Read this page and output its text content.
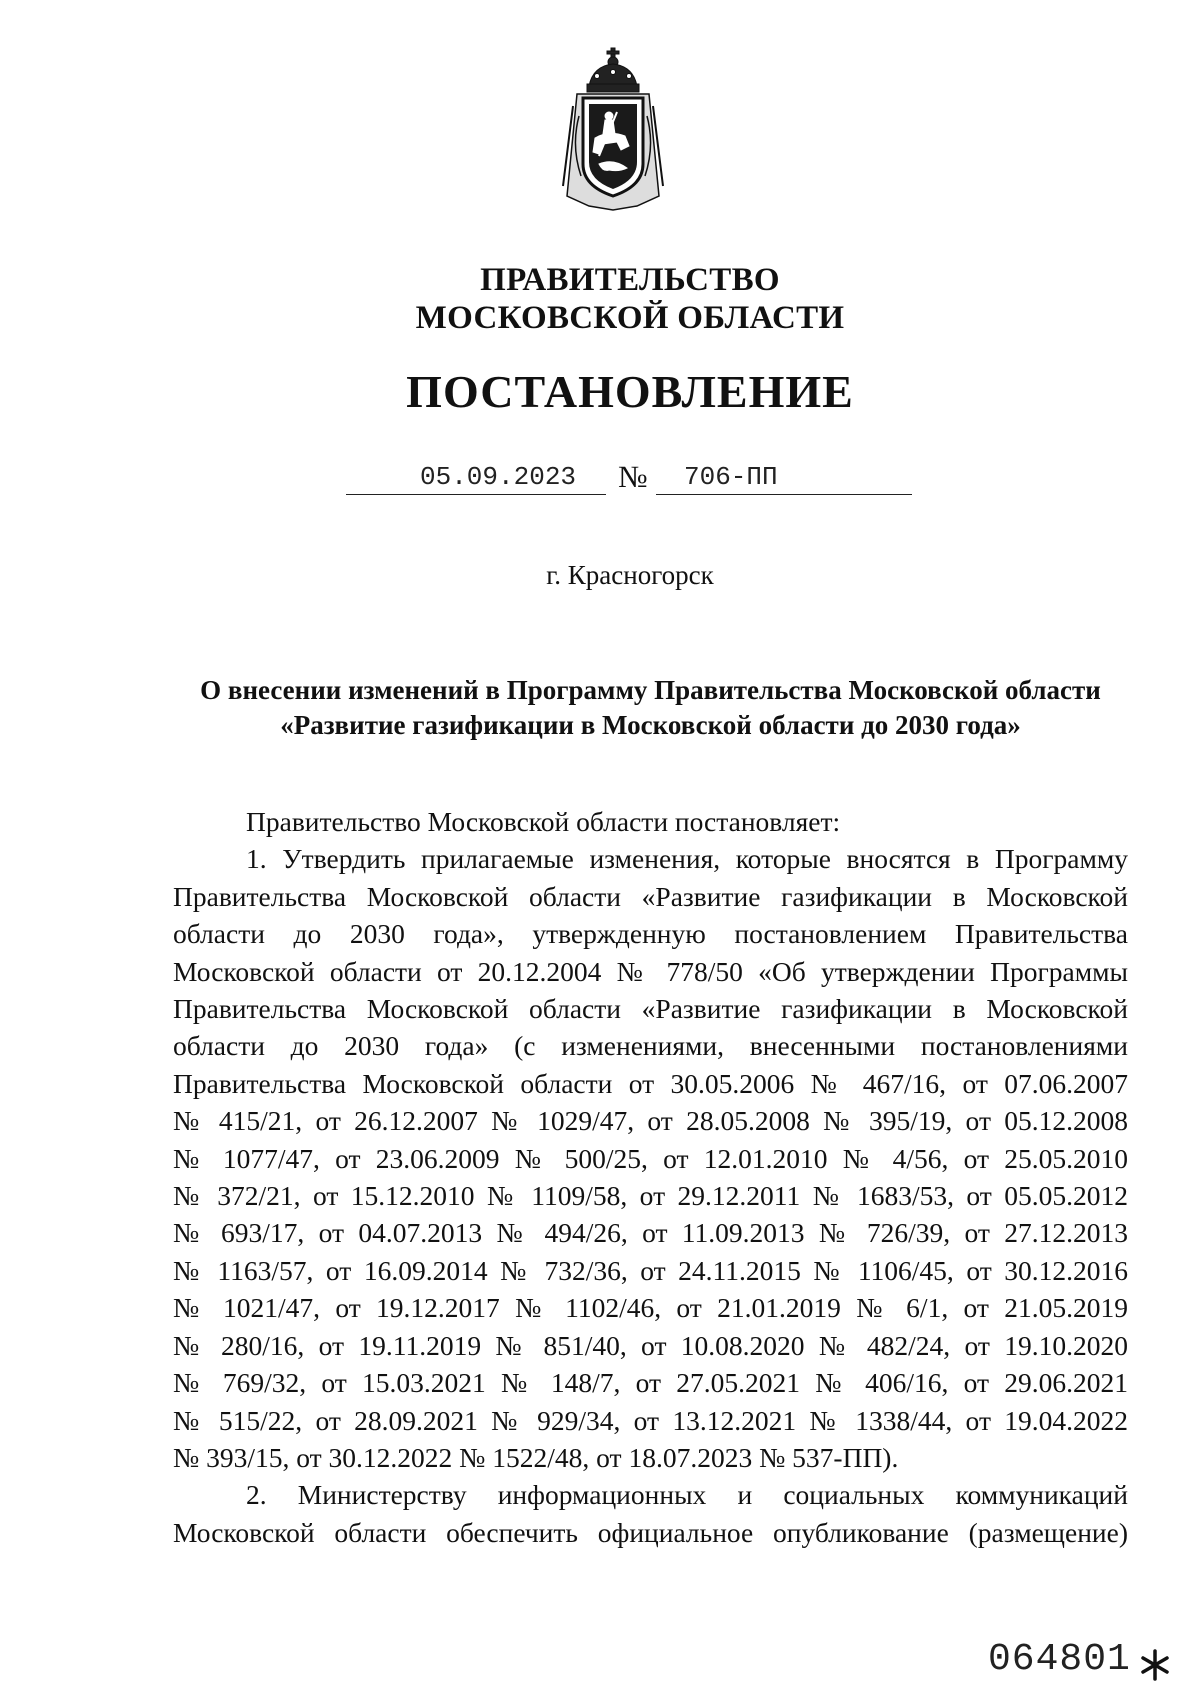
ПРАВИТЕЛЬСТВО
МОСКОВСКОЙ ОБЛАСТИ
ПОСТАНОВЛЕНИЕ
05.09.2023 № 706-ПП
г. Красногорск
О внесении изменений в Программу Правительства Московской области
«Развитие газификации в Московской области до 2030 года»
Правительство Московской области постановляет:
1. Утвердить прилагаемые изменения, которые вносятся в Программу
Правительства Московской области «Развитие газификации в Московской
области до 2030 года», утвержденную постановлением Правительства
Московской области от 20.12.2004 № 778/50 «Об утверждении Программы
Правительства Московской области «Развитие газификации в Московской
области до 2030 года» (с изменениями, внесенными постановлениями
Правительства Московской области от 30.05.2006 № 467/16, от 07.06.2007
№ 415/21, от 26.12.2007 № 1029/47, от 28.05.2008 № 395/19, от 05.12.2008
№ 1077/47, от 23.06.2009 № 500/25, от 12.01.2010 № 4/56, от 25.05.2010
№ 372/21, от 15.12.2010 № 1109/58, от 29.12.2011 № 1683/53, от 05.05.2012
№ 693/17, от 04.07.2013 № 494/26, от 11.09.2013 № 726/39, от 27.12.2013
№ 1163/57, от 16.09.2014 № 732/36, от 24.11.2015 № 1106/45, от 30.12.2016
№ 1021/47, от 19.12.2017 № 1102/46, от 21.01.2019 № 6/1, от 21.05.2019
№ 280/16, от 19.11.2019 № 851/40, от 10.08.2020 № 482/24, от 19.10.2020
№ 769/32, от 15.03.2021 № 148/7, от 27.05.2021 № 406/16, от 29.06.2021
№ 515/22, от 28.09.2021 № 929/34, от 13.12.2021 № 1338/44, от 19.04.2022
№ 393/15, от 30.12.2022 № 1522/48, от 18.07.2023 № 537-ПП).
2. Министерству информационных и социальных коммуникаций
Московской области обеспечить официальное опубликование (размещение)
064801
